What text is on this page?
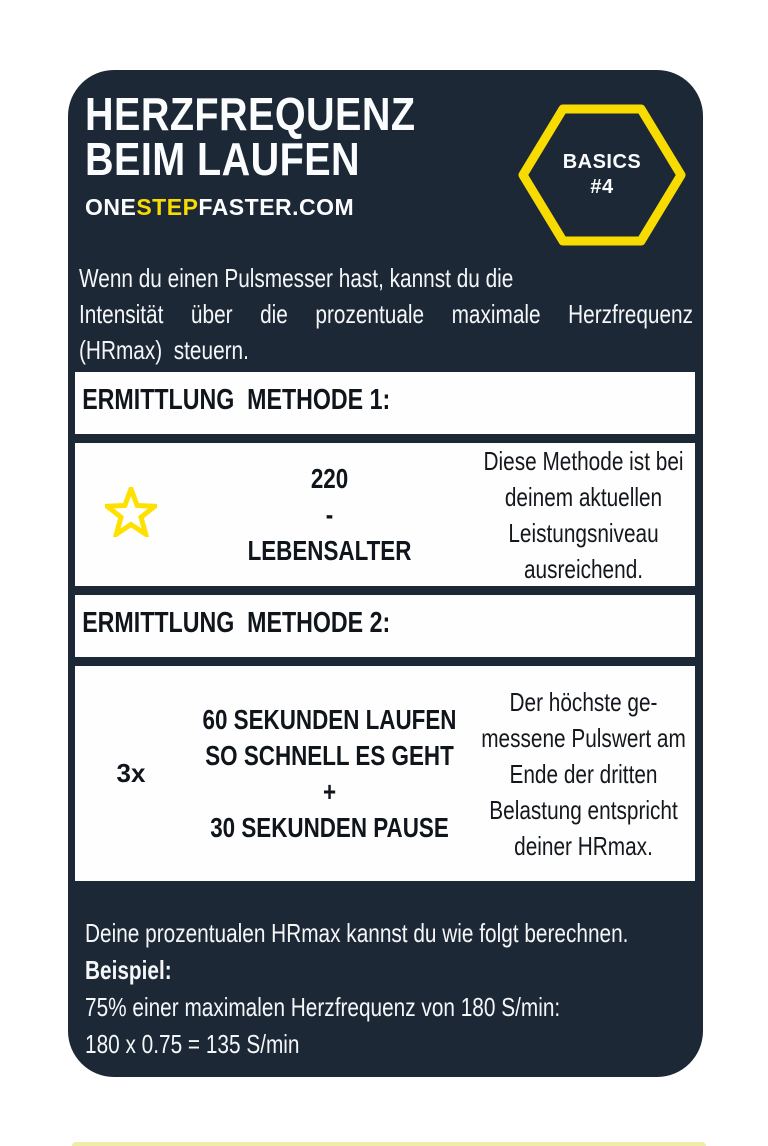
HERZFREQUENZ
BEIM LAUFEN
ONESTEPFASTER.COM
BASICS
#4
Wenn du einen Pulsmesser hast, kannst du die
Intensität über die prozentuale maximale Herzfrequenz
(HRmax)  steuern.
ERMITTLUNG  METHODE 1:
220
-
LEBENSALTER
Diese Methode ist bei
deinem aktuellen
Leistungsniveau
ausreichend.
ERMITTLUNG  METHODE 2:
3x
60 SEKUNDEN LAUFEN
SO SCHNELL ES GEHT
+
30 SEKUNDEN PAUSE
Der höchste ge-
messene Pulswert am
Ende der dritten
Belastung entspricht
deiner HRmax.
Deine prozentualen HRmax kannst du wie folgt berechnen.
Beispiel:
75% einer maximalen Herzfrequenz von 180 S/min:
180 x 0.75 = 135 S/min
